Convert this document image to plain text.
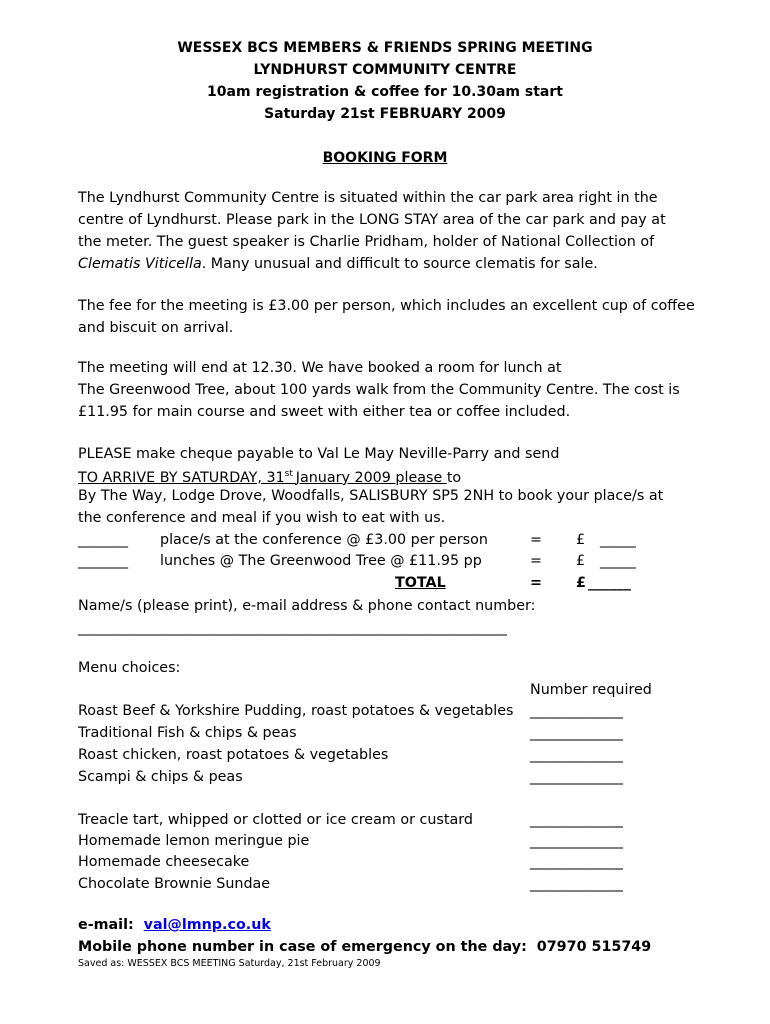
WESSEX BCS MEMBERS & FRIENDS SPRING MEETING
LYNDHURST COMMUNITY CENTRE
10am registration & coffee for 10.30am start
Saturday 21st FEBRUARY 2009
BOOKING FORM
The Lyndhurst Community Centre is situated within the car park area right in the
centre of Lyndhurst. Please park in the LONG STAY area of the car park and pay at
the meter. The guest speaker is Charlie Pridham, holder of National Collection of
Clematis Viticella. Many unusual and difficult to source clematis for sale.
The fee for the meeting is £3.00 per person, which includes an excellent cup of coffee
and biscuit on arrival.
The meeting will end at 12.30. We have booked a room for lunch at
The Greenwood Tree, about 100 yards walk from the Community Centre. The cost is
£11.95 for main course and sweet with either tea or coffee included.
PLEASE make cheque payable to Val Le May Neville-Parry and send
TO ARRIVE BY SATURDAY, 31st January 2009 please to
By The Way, Lodge Drove, Woodfalls, SALISBURY SP5 2NH to book your place/s at
the conference and meal if you wish to eat with us.
_______ place/s at the conference @ £3.00 per person	= £ _____
_______ lunches @ The Greenwood Tree @ £11.95 pp	= £ _____
TOTAL	= £ ______
Name/s (please print), e-mail address & phone contact number:
____________________________________________________________
Menu choices:
Number required
Roast Beef & Yorkshire Pudding, roast potatoes & vegetables _____________
Traditional Fish & chips & peas	_____________
Roast chicken, roast potatoes & vegetables	_____________
Scampi & chips & peas	_____________
Treacle tart, whipped or clotted or ice cream or custard	_____________
Homemade lemon meringue pie	_____________
Homemade cheesecake	_____________
Chocolate Brownie Sundae	_____________
e-mail: val@lmnp.co.uk
Mobile phone number in case of emergency on the day: 07970 515749
Saved as: WESSEX BCS MEETING Saturday, 21st February 2009
